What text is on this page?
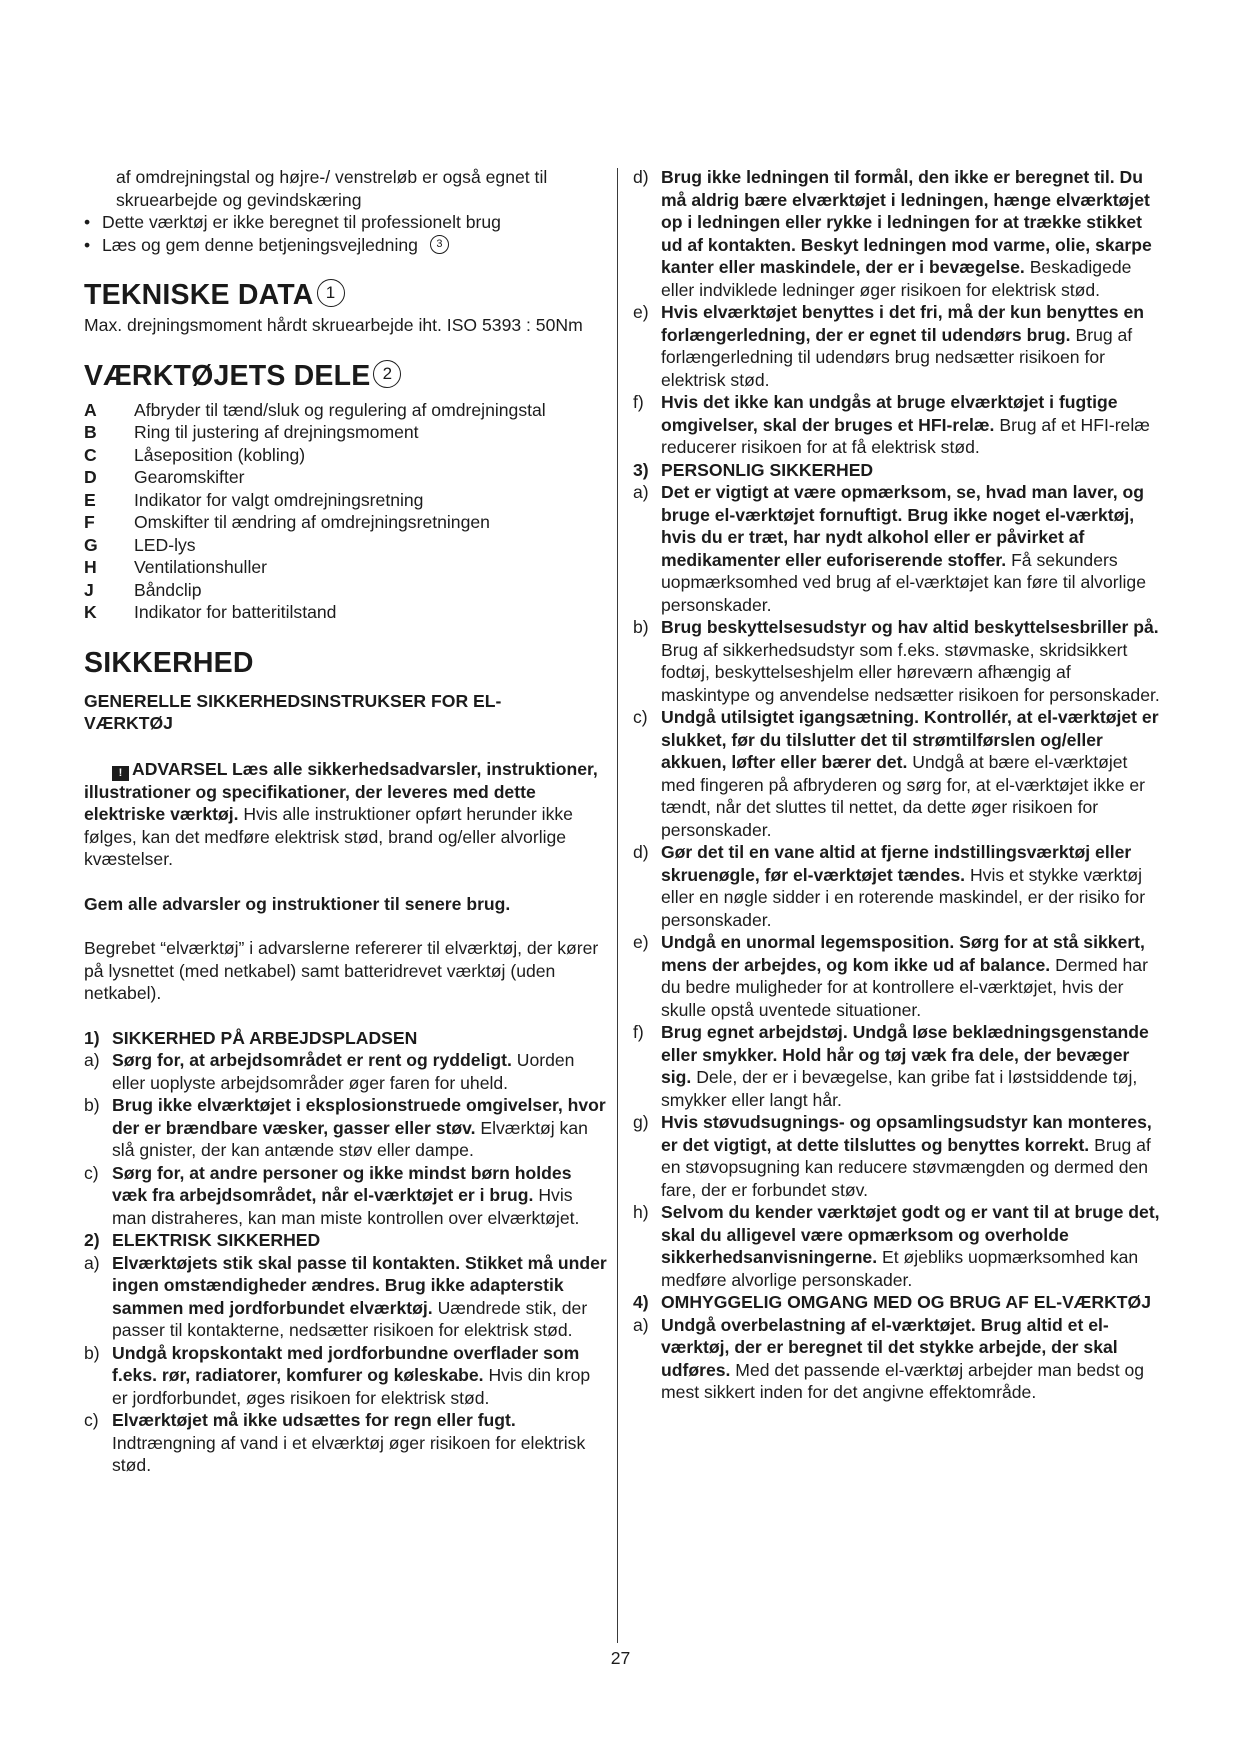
af omdrejningstal og højre-/ venstreløb er også egnet til skruearbejde og gevindskæring

• Dette værktøj er ikke beregnet til professionelt brug

• Læs og gem denne betjeningsvejledning 3

TEKNISKE DATA 1

Max. drejningsmoment hårdt skruearbejde iht. ISO 5393 : 50Nm

VÆRKTØJETS DELE 2
A	Afbryder til tænd/sluk og regulering af omdrejningstal
B	Ring til justering af drejningsmoment
C	Låseposition (kobling)
D	Gearomskifter
E	Indikator for valgt omdrejningsretning
F	Omskifter til ændring af omdrejningsretningen
G	LED-lys
H	Ventilationshuller
J	Båndclip
K	Indikator for batteritilstand
SIKKERHED

GENERELLE SIKKERHEDSINSTRUKSER FOR EL-VÆRKTØJ

! ADVARSEL Læs alle sikkerhedsadvarsler, instruktioner, illustrationer og specifikationer, der leveres med dette elektriske værktøj. Hvis alle instruktioner opført herunder ikke følges, kan det medføre elektrisk stød, brand og/eller alvorlige kvæstelser.

Gem alle advarsler og instruktioner til senere brug.

Begrebet “elværktøj” i advarslerne refererer til elværktøj, der kører på lysnettet (med netkabel) samt batteridrevet værktøj (uden netkabel).

1) SIKKERHED PÅ ARBEJDSPLADSEN
a) Sørg for, at arbejdsområdet er rent og ryddeligt. Uorden eller uoplyste arbejdsområder øger faren for uheld.
b) Brug ikke elværktøjet i eksplosionstruede omgivelser, hvor der er brændbare væsker, gasser eller støv. Elværktøj kan slå gnister, der kan antænde støv eller dampe.
c) Sørg for, at andre personer og ikke mindst børn holdes væk fra arbejdsområdet, når el-værktøjet er i brug. Hvis man distraheres, kan man miste kontrollen over elværktøjet.
2) ELEKTRISK SIKKERHED
a) Elværktøjets stik skal passe til kontakten. Stikket må under ingen omstændigheder ændres. Brug ikke adapterstik sammen med jordforbundet elværktøj. Uændrede stik, der passer til kontakterne, nedsætter risikoen for elektrisk stød.
b) Undgå kropskontakt med jordforbundne overflader som f.eks. rør, radiatorer, komfurer og køleskabe. Hvis din krop er jordforbundet, øges risikoen for elektrisk stød.
c) Elværktøjet må ikke udsættes for regn eller fugt. Indtrængning af vand i et elværktøj øger risikoen for elektrisk stød.
d) Brug ikke ledningen til formål, den ikke er beregnet til. Du må aldrig bære elværktøjet i ledningen, hænge elværktøjet op i ledningen eller rykke i ledningen for at trække stikket ud af kontakten. Beskyt ledningen mod varme, olie, skarpe kanter eller maskindele, der er i bevægelse. Beskadigede eller indviklede ledninger øger risikoen for elektrisk stød.
e) Hvis elværktøjet benyttes i det fri, må der kun benyttes en forlængerledning, der er egnet til udendørs brug. Brug af forlængerledning til udendørs brug nedsætter risikoen for elektrisk stød.
f) Hvis det ikke kan undgås at bruge elværktøjet i fugtige omgivelser, skal der bruges et HFI-relæ. Brug af et HFI-relæ reducerer risikoen for at få elektrisk stød.
3) PERSONLIG SIKKERHED
a) Det er vigtigt at være opmærksom, se, hvad man laver, og bruge el-værktøjet fornuftigt. Brug ikke noget el-værktøj, hvis du er træt, har nydt alkohol eller er påvirket af medikamenter eller euforiserende stoffer. Få sekunders uopmærksomhed ved brug af el-værktøjet kan føre til alvorlige personskader.
b) Brug beskyttelsesudstyr og hav altid beskyttelsesbriller på. Brug af sikkerhedsudstyr som f.eks. støvmaske, skridsikkert fodtøj, beskyttelseshjelm eller høreværn afhængig af maskintype og anvendelse nedsætter risikoen for personskader.
c) Undgå utilsigtet igangsætning. Kontrollér, at el-værktøjet er slukket, før du tilslutter det til strømtilførslen og/eller akkuen, løfter eller bærer det. Undgå at bære el-værktøjet med fingeren på afbryderen og sørg for, at el-værktøjet ikke er tændt, når det sluttes til nettet, da dette øger risikoen for personskader.
d) Gør det til en vane altid at fjerne indstillingsværktøj eller skruenøgle, før el-værktøjet tændes. Hvis et stykke værktøj eller en nøgle sidder i en roterende maskindel, er der risiko for personskader.
e) Undgå en unormal legemsposition. Sørg for at stå sikkert, mens der arbejdes, og kom ikke ud af balance. Dermed har du bedre muligheder for at kontrollere el-værktøjet, hvis der skulle opstå uventede situationer.
f) Brug egnet arbejdstøj. Undgå løse beklædningsgenstande eller smykker. Hold hår og tøj væk fra dele, der bevæger sig. Dele, der er i bevægelse, kan gribe fat i løstsiddende tøj, smykker eller langt hår.
g) Hvis støvudsugnings- og opsamlingsudstyr kan monteres, er det vigtigt, at dette tilsluttes og benyttes korrekt. Brug af en støvopsugning kan reducere støvmængden og dermed den fare, der er forbundet støv.
h) Selvom du kender værktøjet godt og er vant til at bruge det, skal du alligevel være opmærksom og overholde sikkerhedsanvisningerne. Et øjebliks uopmærksomhed kan medføre alvorlige personskader.
4) OMHYGGELIG OMGANG MED OG BRUG AF EL-VÆRKTØJ
a) Undgå overbelastning af el-værktøjet. Brug altid et el-værktøj, der er beregnet til det stykke arbejde, der skal udføres. Med det passende el-værktøj arbejder man bedst og mest sikkert inden for det angivne effektområde.
27
